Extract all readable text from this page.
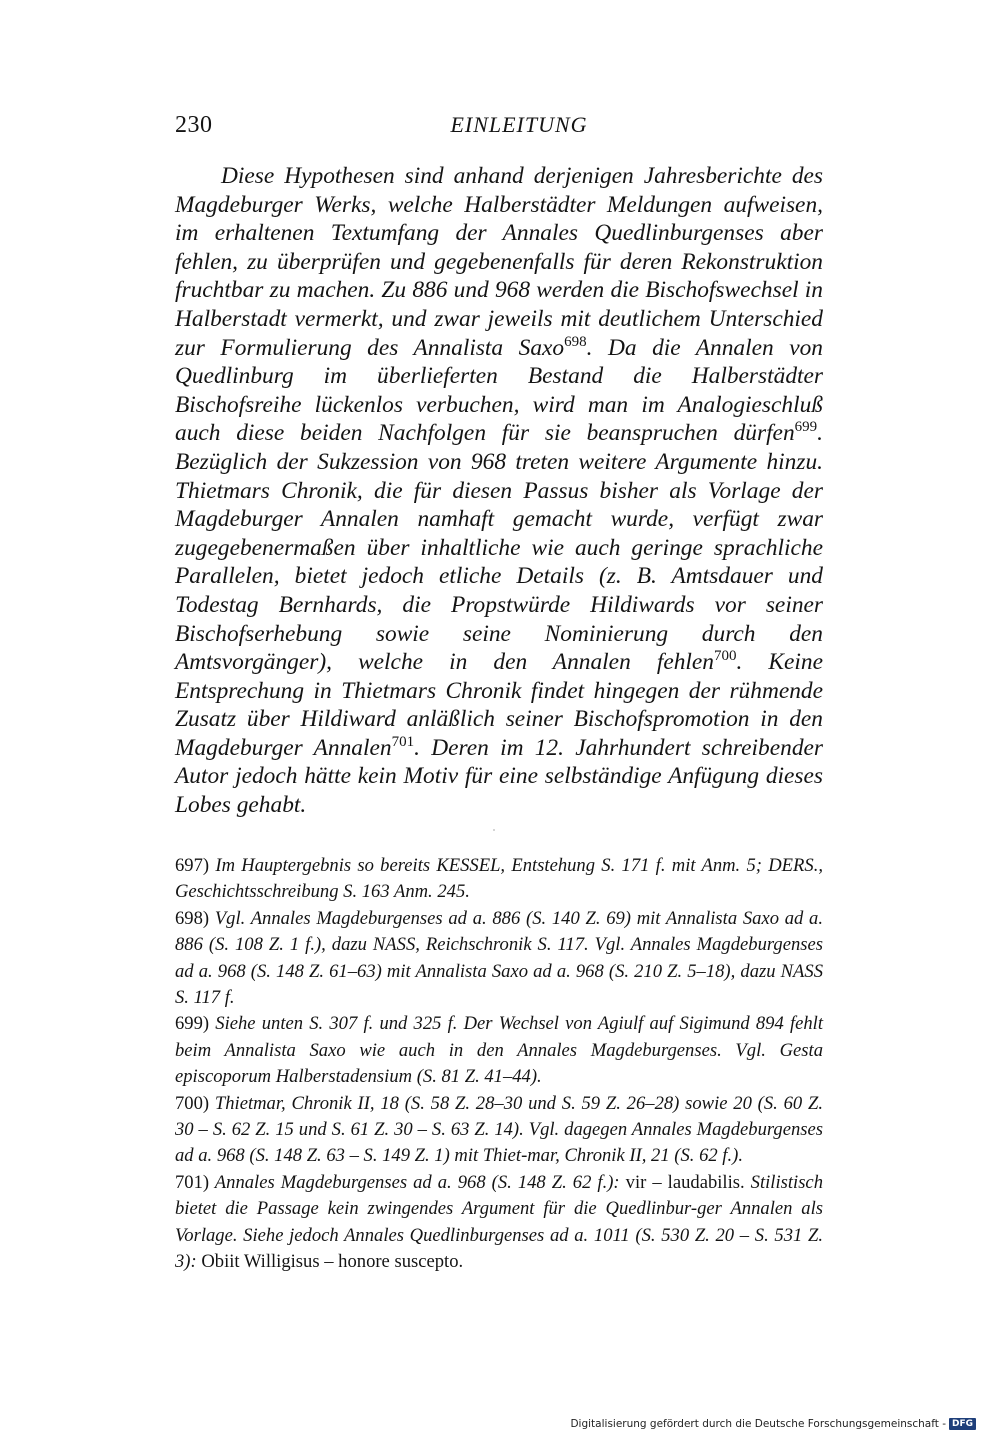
230	EINLEITUNG

Diese Hypothesen sind anhand derjenigen Jahresberichte des Magdeburger Werks, welche Halberstädter Meldungen aufweisen, im erhaltenen Textumfang der Annales Quedlinburgenses aber fehlen, zu überprüfen und gegebenenfalls für deren Rekonstruktion fruchtbar zu machen. Zu 886 und 968 werden die Bischofswechsel in Halberstadt vermerkt, und zwar jeweils mit deutlichem Unterschied zur Formulierung des Annalista Saxo$^{698}$. Da die Annalen von Quedlinburg im überlieferten Bestand die Halberstädter Bischofsreihe lückenlos verbuchen, wird man im Analogieschluß auch diese beiden Nachfolgen für sie beanspruchen dürfen$^{699}$. Bezüglich der Sukzession von 968 treten weitere Argumente hinzu. Thietmars Chronik, die für diesen Passus bisher als Vorlage der Magdeburger Annalen namhaft gemacht wurde, verfügt zwar zugegebenermaßen über inhaltliche wie auch geringe sprachliche Parallelen, bietet jedoch etliche Details (z. B. Amtsdauer und Todestag Bernhards, die Propstwürde Hildiwards vor seiner Bischofserhebung sowie seine Nominierung durch den Amtsvorgänger), welche in den Annalen fehlen$^{700}$. Keine Entsprechung in Thietmars Chronik findet hingegen der rühmende Zusatz über Hildiward anläßlich seiner Bischofspromotion in den Magdeburger Annalen$^{701}$. Deren im 12. Jahrhundert schreibender Autor jedoch hätte kein Motiv für eine selbständige Anfügung dieses Lobes gehabt.

697) Im Hauptergebnis so bereits KESSEL, Entstehung S. 171 f. mit Anm. 5; DERS., Geschichtsschreibung S. 163 Anm. 245.

698) Vgl. Annales Magdeburgenses ad a. 886 (S. 140 Z. 69) mit Annalista Saxo ad a. 886 (S. 108 Z. 1 f.), dazu NASS, Reichschronik S. 117. Vgl. Annales Magdeburgenses ad a. 968 (S. 148 Z. 61–63) mit Annalista Saxo ad a. 968 (S. 210 Z. 5–18), dazu NASS S. 117 f.

699) Siehe unten S. 307 f. und 325 f. Der Wechsel von Agiulf auf Sigimund 894 fehlt beim Annalista Saxo wie auch in den Annales Magdeburgenses. Vgl. Gesta episcoporum Halberstadensium (S. 81 Z. 41–44).

700) Thietmar, Chronik II, 18 (S. 58 Z. 28–30 und S. 59 Z. 26–28) sowie 20 (S. 60 Z. 30 – S. 62 Z. 15 und S. 61 Z. 30 – S. 63 Z. 14). Vgl. dagegen Annales Magdeburgenses ad a. 968 (S. 148 Z. 63 – S. 149 Z. 1) mit Thiet-mar, Chronik II, 21 (S. 62 f.).

701) Annales Magdeburgenses ad a. 968 (S. 148 Z. 62 f.): vir – laudabilis. Stilistisch bietet die Passage kein zwingendes Argument für die Quedlinbur-ger Annalen als Vorlage. Siehe jedoch Annales Quedlinburgenses ad a. 1011 (S. 530 Z. 20 – S. 531 Z. 3): Obiit Willigisus – honore suscepto.

Digitalisierung gefördert durch die Deutsche Forschungsgemeinschaft - DFG
